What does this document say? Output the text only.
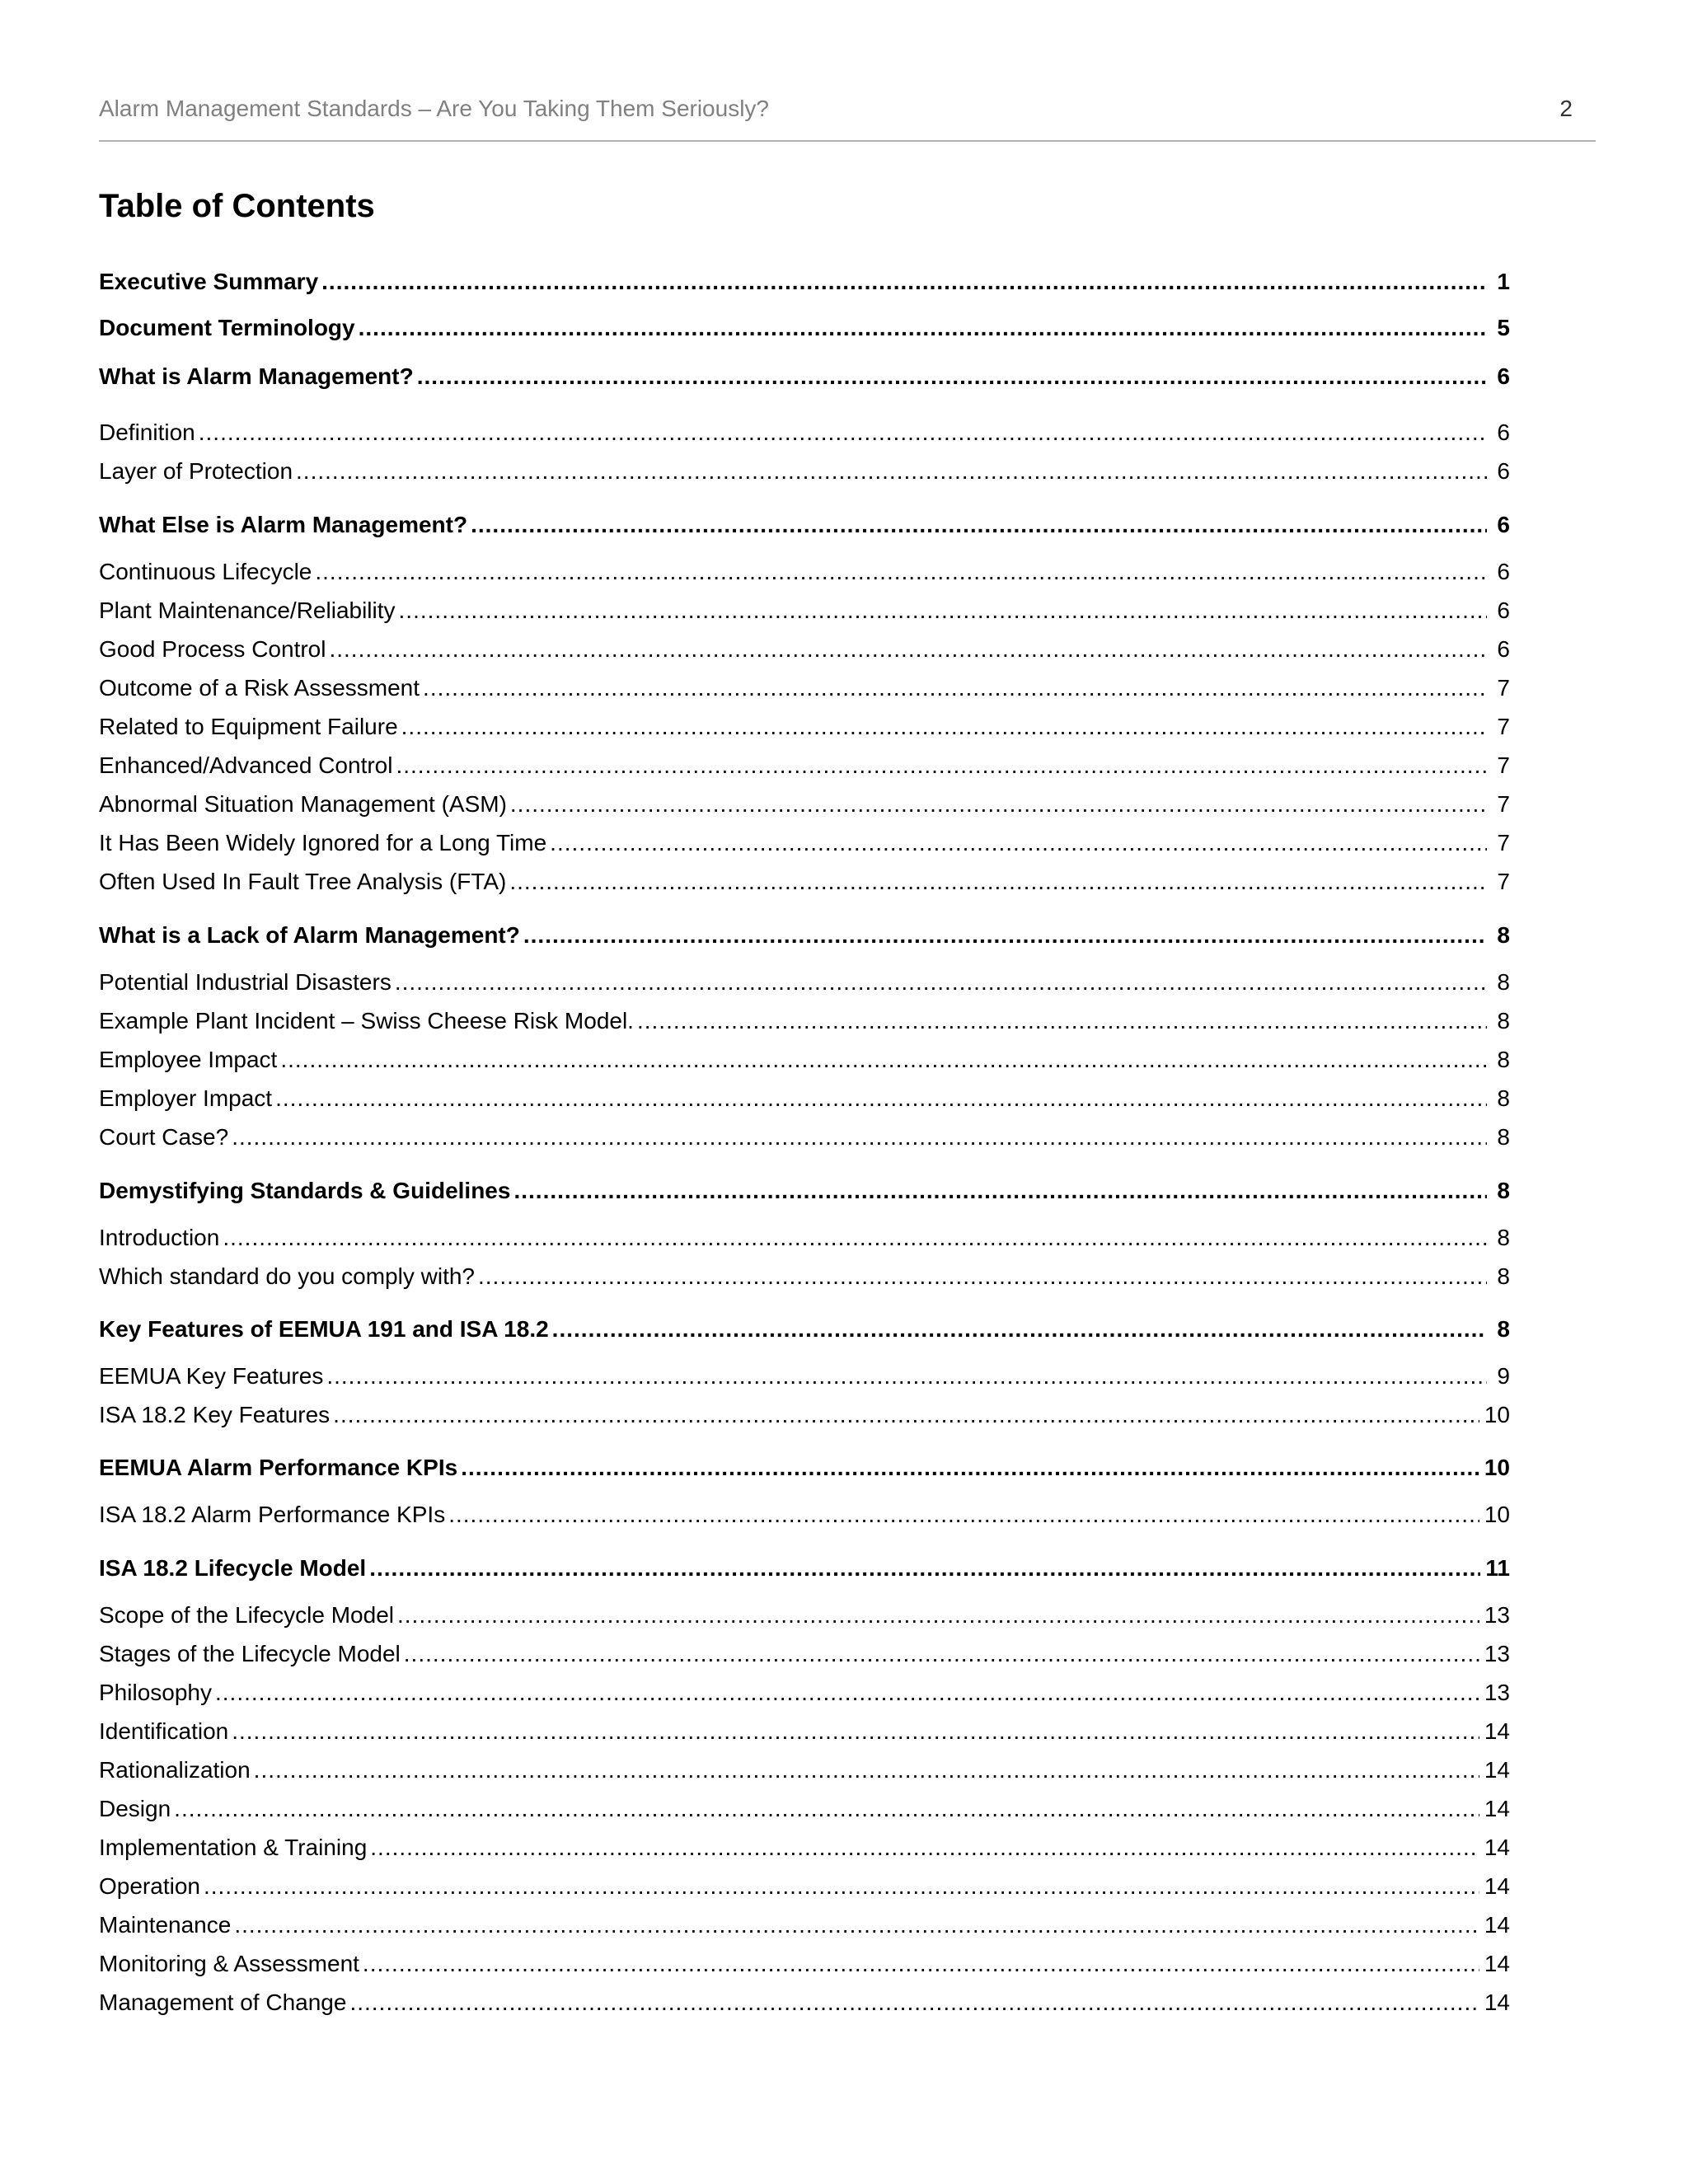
Alarm Management Standards – Are You Taking Them Seriously?	2
Table of Contents
Executive Summary .....	1
Document Terminology .....	5
What is Alarm Management? .....	6
Definition .....	6
Layer of Protection .....	6
What Else is Alarm Management? .....	6
Continuous Lifecycle .....	6
Plant Maintenance/Reliability .....	6
Good Process Control .....	6
Outcome of a Risk Assessment .....	7
Related to Equipment Failure .....	7
Enhanced/Advanced Control .....	7
Abnormal Situation Management (ASM) .....	7
It Has Been Widely Ignored for a Long Time .....	7
Often Used In Fault Tree Analysis (FTA) .....	7
What is a Lack of Alarm Management? .....	8
Potential Industrial Disasters .....	8
Example Plant Incident – Swiss Cheese Risk Model. .....	8
Employee Impact .....	8
Employer Impact .....	8
Court Case? .....	8
Demystifying Standards & Guidelines .....	8
Introduction .....	8
Which standard do you comply with? .....	8
Key Features of EEMUA 191 and ISA 18.2 .....	8
EEMUA Key Features .....	9
ISA 18.2 Key Features .....	10
EEMUA Alarm Performance KPIs .....	10
ISA 18.2 Alarm Performance KPIs .....	10
ISA 18.2 Lifecycle Model .....	11
Scope of the Lifecycle Model .....	13
Stages of the Lifecycle Model .....	13
Philosophy .....	13
Identification .....	14
Rationalization .....	14
Design .....	14
Implementation & Training .....	14
Operation .....	14
Maintenance .....	14
Monitoring & Assessment .....	14
Management of Change .....	14
